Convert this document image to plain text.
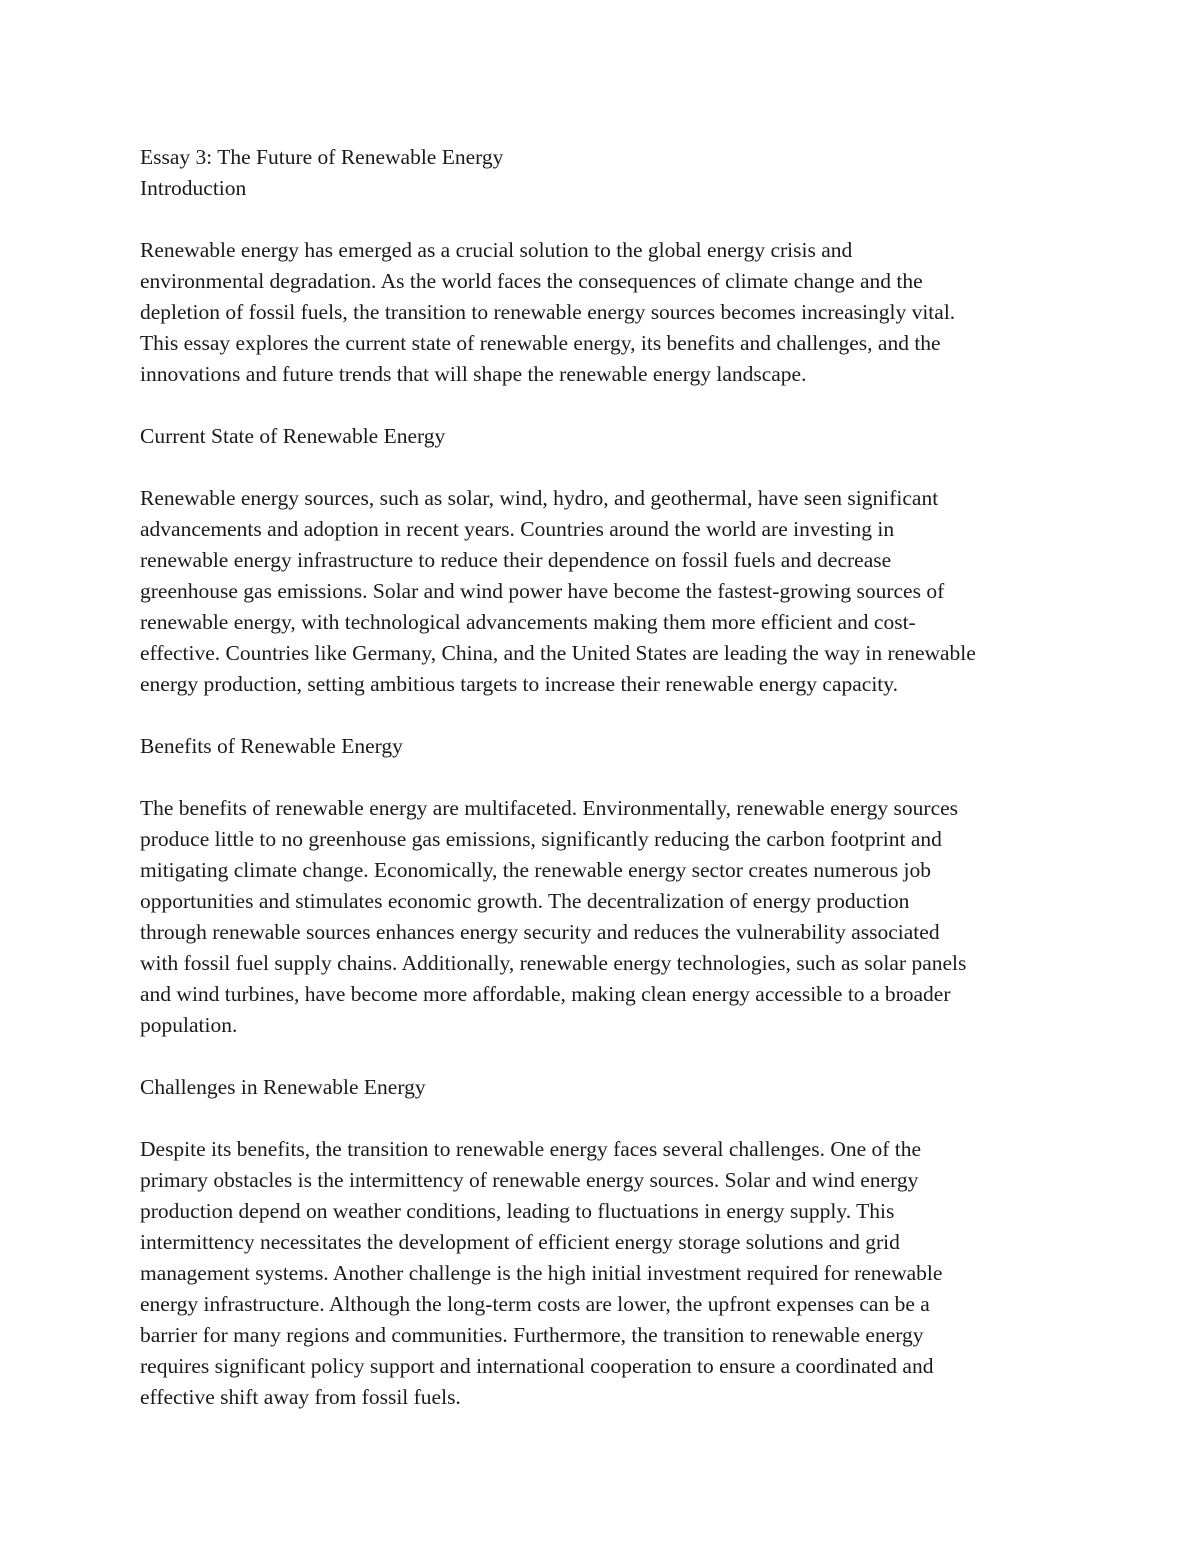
Essay 3: The Future of Renewable Energy
Introduction
Renewable energy has emerged as a crucial solution to the global energy crisis and
environmental degradation. As the world faces the consequences of climate change and the
depletion of fossil fuels, the transition to renewable energy sources becomes increasingly vital.
This essay explores the current state of renewable energy, its benefits and challenges, and the
innovations and future trends that will shape the renewable energy landscape.
Current State of Renewable Energy
Renewable energy sources, such as solar, wind, hydro, and geothermal, have seen significant
advancements and adoption in recent years. Countries around the world are investing in
renewable energy infrastructure to reduce their dependence on fossil fuels and decrease
greenhouse gas emissions. Solar and wind power have become the fastest-growing sources of
renewable energy, with technological advancements making them more efficient and cost-
effective. Countries like Germany, China, and the United States are leading the way in renewable
energy production, setting ambitious targets to increase their renewable energy capacity.
Benefits of Renewable Energy
The benefits of renewable energy are multifaceted. Environmentally, renewable energy sources
produce little to no greenhouse gas emissions, significantly reducing the carbon footprint and
mitigating climate change. Economically, the renewable energy sector creates numerous job
opportunities and stimulates economic growth. The decentralization of energy production
through renewable sources enhances energy security and reduces the vulnerability associated
with fossil fuel supply chains. Additionally, renewable energy technologies, such as solar panels
and wind turbines, have become more affordable, making clean energy accessible to a broader
population.
Challenges in Renewable Energy
Despite its benefits, the transition to renewable energy faces several challenges. One of the
primary obstacles is the intermittency of renewable energy sources. Solar and wind energy
production depend on weather conditions, leading to fluctuations in energy supply. This
intermittency necessitates the development of efficient energy storage solutions and grid
management systems. Another challenge is the high initial investment required for renewable
energy infrastructure. Although the long-term costs are lower, the upfront expenses can be a
barrier for many regions and communities. Furthermore, the transition to renewable energy
requires significant policy support and international cooperation to ensure a coordinated and
effective shift away from fossil fuels.
